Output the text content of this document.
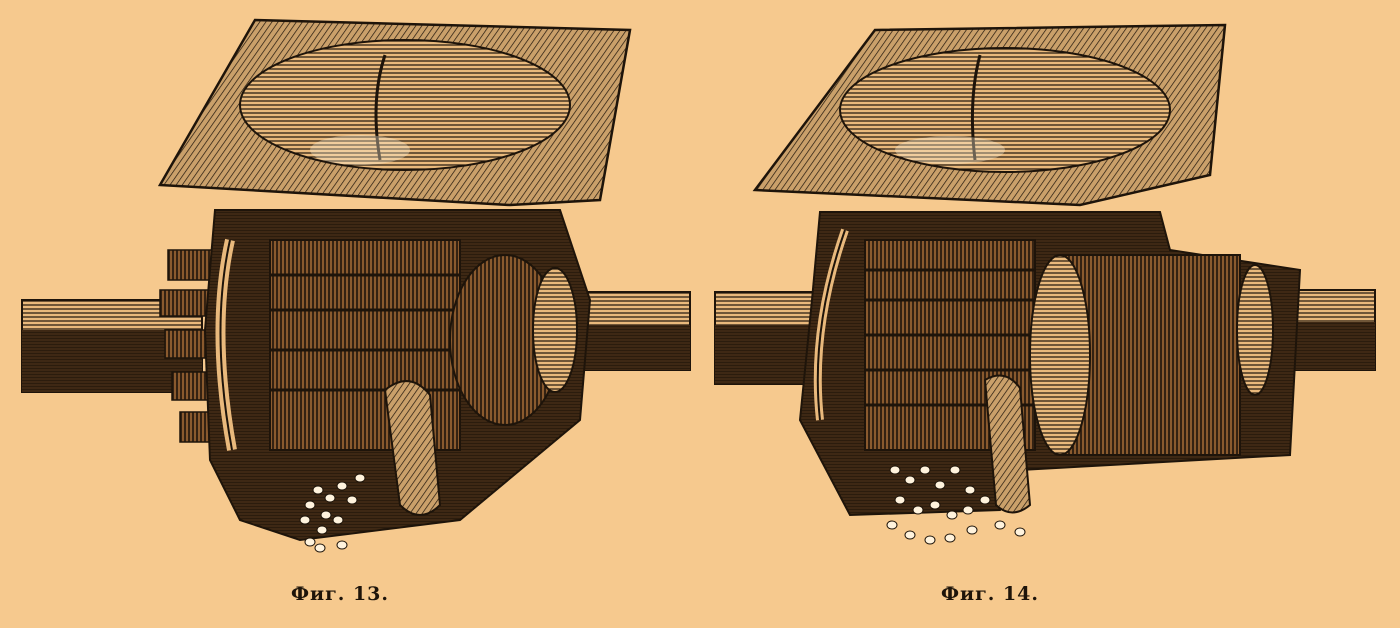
Фиг. 13.	Фиг. 14.
